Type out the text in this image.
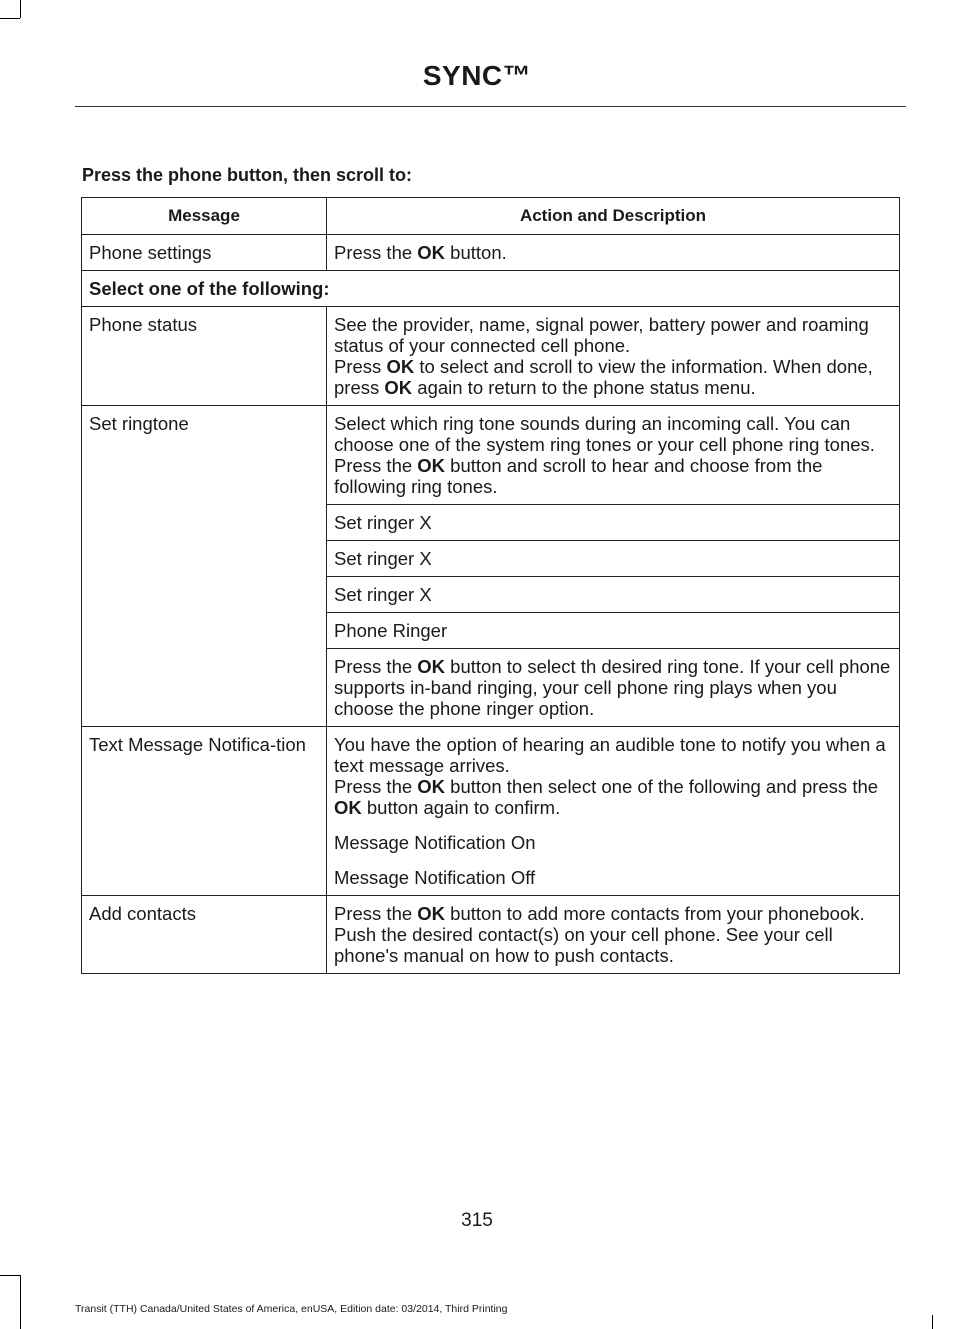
SYNC™
Press the phone button, then scroll to:
Message	Action and Description
Phone settings	Press the OK button.
Select one of the following:	
Phone status	See the provider, name, signal power, battery power and roaming status of your connected cell phone.

Press OK to select and scroll to view the information. When done, press OK again to return to the phone status menu.

Set ringtone	Select which ring tone sounds during an incoming call. You can choose one of the system ring tones or your cell phone ring tones.

Press the OK button and scroll to hear and choose from the following ring tones.

	Set ringer X
	Set ringer X
	Set ringer X
	Phone Ringer
	Press the OK button to select th desired ring tone. If your cell phone supports in-band ringing, your cell phone ring plays when you choose the phone ringer option.
Text Message Notifica-tion	You have the option of hearing an audible tone to notify you when a text message arrives.

Press the OK button then select one of the following and press the OK button again to confirm.

Message Notification On

Message Notification Off

Add contacts	Press the OK button to add more contacts from your phonebook. Push the desired contact(s) on your cell phone. See your cell phone's manual on how to push contacts.
315
Transit (TTH) Canada/United States of America, enUSA, Edition date: 03/2014, Third Printing
